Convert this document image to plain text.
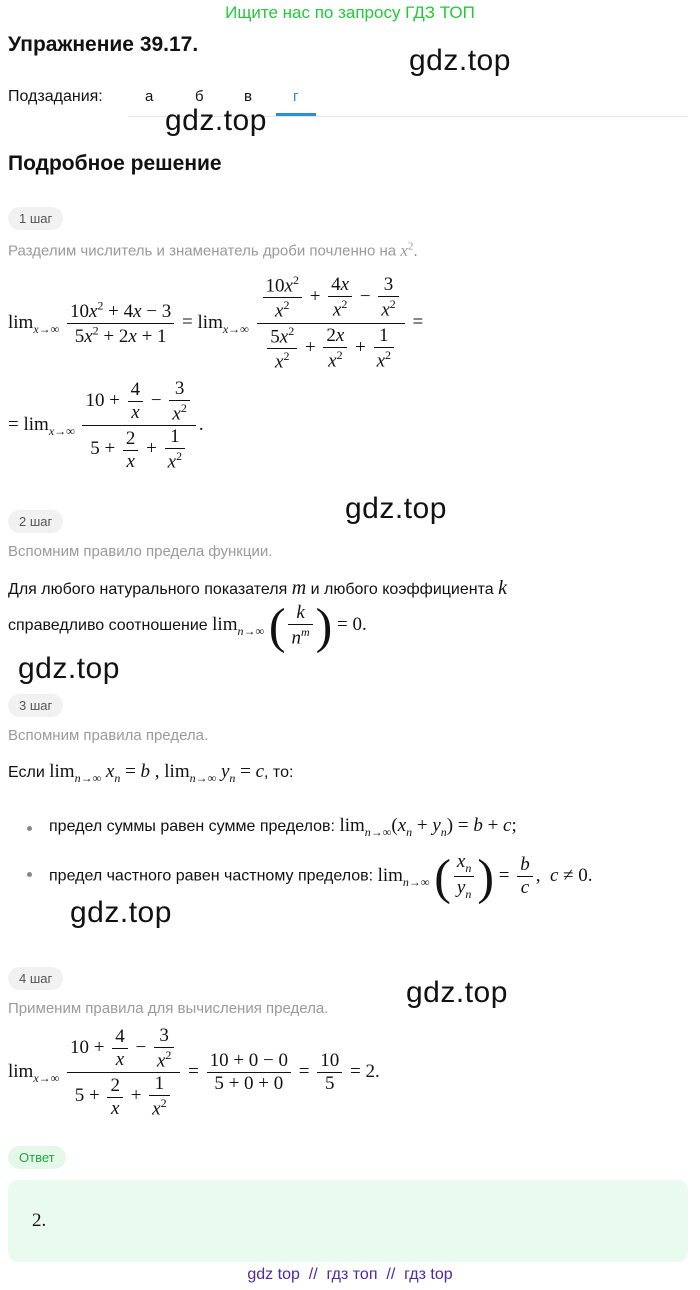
Ищите нас по запросу ГДЗ ТОП
Упражнение 39.17.	gdz.top
Подзадания:	а	б	в	г
gdz.top
Подробное решение
1 шаг
Разделим числитель и знаменатель дроби почленно на $x^2$.
$\lim_{x\to\infty} \frac{10x^2 + 4x - 3}{5x^2 + 2x + 1} = \lim_{x\to\infty} \frac{\frac{10x^2}{x^2} + \frac{4x}{x^2} - \frac{3}{x^2}}{\frac{5x^2}{x^2} + \frac{2x}{x^2} + \frac{1}{x^2}}$ =
= $\lim_{x\to\infty} \frac{10 + \frac{4}{x} - \frac{3}{x^2}}{5 + \frac{2}{x} + \frac{1}{x^2}}$ .
2 шаг	gdz.top
Вспомним правило предела функции.
Для любого натурального показателя m и любого коэффициента k
справедливо соотношение $\lim_{n\to\infty}$ ( $\frac{k}{n^m}$ ) = 0.
gdz.top
3 шаг
Вспомним правила предела.
Если $\lim_{n\to\infty} x_n = b$ , $\lim_{n\to\infty} y_n = c$, то:
предел суммы равен сумме пределов: $\lim_{n\to\infty}(x_n + y_n) = b + c$;
предел частного равен частному пределов: $\lim_{n\to\infty}$ ( $\frac{x_n}{y_n}$ ) = $\frac{b}{c}$ ,  c ≠ 0.
gdz.top
4 шаг	gdz.top
Применим правила для вычисления предела.
$\lim_{x\to\infty} \frac{10 + \frac{4}{x} - \frac{3}{x^2}}{5 + \frac{2}{x} + \frac{1}{x^2}} = \frac{10 + 0 - 0}{5 + 0 + 0} = \frac{10}{5} = 2$.
Ответ
2.
gdz top  //  гдз топ  //  гдз top
